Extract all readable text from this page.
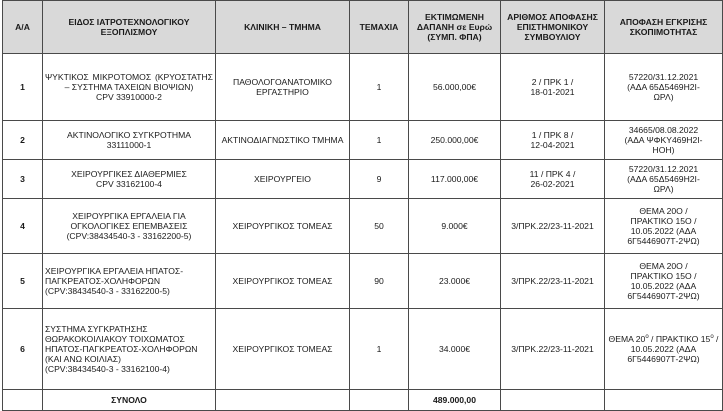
Α/Α	ΕΙΔΟΣ ΙΑΤΡΟΤΕΧΝΟΛΟΓΙΚΟΥ ΕΞΟΠΛΙΣΜΟΥ	ΚΛΙΝΙΚΗ – ΤΜΗΜΑ	ΤΕΜΑΧΙΑ	ΕΚΤΙΜΩΜΕΝΗ ΔΑΠΑΝΗ σε Ευρώ (ΣΥΜΠ. ΦΠΑ)	ΑΡΙΘΜΟΣ ΑΠΟΦΑΣΗΣ ΕΠΙΣΤΗΜΟΝΙΚΟΥ ΣΥΜΒΟΥΛΙΟΥ	ΑΠΟΦΑΣΗ ΕΓΚΡΙΣΗΣ ΣΚΟΠΙΜΟΤΗΤΑΣ
1	ΨΥΚΤΙΚΟΣ ΜΙΚΡΟΤΟΜΟΣ (ΚΡΥΟΣΤΑΤΗΣ – ΣΥΣΤΗΜΑ ΤΑΧΕΙΩΝ ΒΙΟΨΙΩΝ)
CPV 33910000-2	ΠΑΘΟΛΟΓΟΑΝΑΤΟΜΙΚΟ ΕΡΓΑΣΤΗΡΙΟ	1	56.000,00€	2 / ΠΡΚ 1 /
18-01-2021	57220/31.12.2021
(ΑΔΑ 65Δ5469Η2Ι-
ΩΡΛ)
2	ΑΚΤΙΝΟΛΟΓΙΚΟ ΣΥΓΚΡΟΤΗΜΑ
33111000-1	ΑΚΤΙΝΟΔΙΑΓΝΩΣΤΙΚΟ ΤΜΗΜΑ	1	250.000,00€	1 / ΠΡΚ 8 /
12-04-2021	34665/08.08.2022
(ΑΔΑ ΨΦΚΥ469Η2Ι-
ΗΟΗ)
3	ΧΕΙΡΟΥΡΓΙΚΕΣ ΔΙΑΘΕΡΜΙΕΣ
CPV 33162100-4	ΧΕΙΡΟΥΡΓΕΙΟ	9	117.000,00€	11 / ΠΡΚ 4 /
26-02-2021	57220/31.12.2021
(ΑΔΑ 65Δ5469Η2Ι-
ΩΡΛ)
4	ΧΕΙΡΟΥΡΓΙΚΑ ΕΡΓΑΛΕΙΑ ΓΙΑ ΟΓΚΟΛΟΓΙΚΕΣ ΕΠΕΜΒΑΣΕΙΣ
(CPV:38434540-3 - 33162200-5)	ΧΕΙΡΟΥΡΓΙΚΟΣ ΤΟΜΕΑΣ	50	9.000€	3/ΠΡΚ.22/23-11-2021	ΘΕΜΑ 20Ο /
ΠΡΑΚΤΙΚΟ 15Ο /
10.05.2022 (ΑΔΑ
6Γ5446907Τ-2ΨΩ)
5	ΧΕΙΡΟΥΡΓΙΚΑ ΕΡΓΑΛΕΙΑ ΗΠΑΤΟΣ-ΠΑΓΚΡΕΑΤΟΣ-ΧΟΛΗΦΟΡΩΝ
(CPV:38434540-3 - 33162200-5)	ΧΕΙΡΟΥΡΓΙΚΟΣ ΤΟΜΕΑΣ	90	23.000€	3/ΠΡΚ.22/23-11-2021	ΘΕΜΑ 20Ο /
ΠΡΑΚΤΙΚΟ 15Ο /
10.05.2022 (ΑΔΑ
6Γ5446907Τ-2ΨΩ)
6	ΣΥΣΤΗΜΑ ΣΥΓΚΡΑΤΗΣΗΣ ΘΩΡΑΚΟΚΟΙΛΙΑΚΟΥ ΤΟΙΧΩΜΑΤΟΣ ΗΠΑΤΟΣ-ΠΑΓΚΡΕΑΤΟΣ-ΧΟΛΗΦΟΡΩΝ (ΚΑΙ ΑΝΩ ΚΟΙΛΙΑΣ)
(CPV:38434540-3 - 33162100-4)	ΧΕΙΡΟΥΡΓΙΚΟΣ ΤΟΜΕΑΣ	1	34.000€	3/ΠΡΚ.22/23-11-2021	ΘΕΜΑ $20^o$ / ΠΡΑΚΤΙΚΟ $15^o / 10.05.2022$ (ΑΔΑ 6Γ5446907Τ-2ΨΩ)
	ΣΥΝΟΛΟ			489.000,00		
